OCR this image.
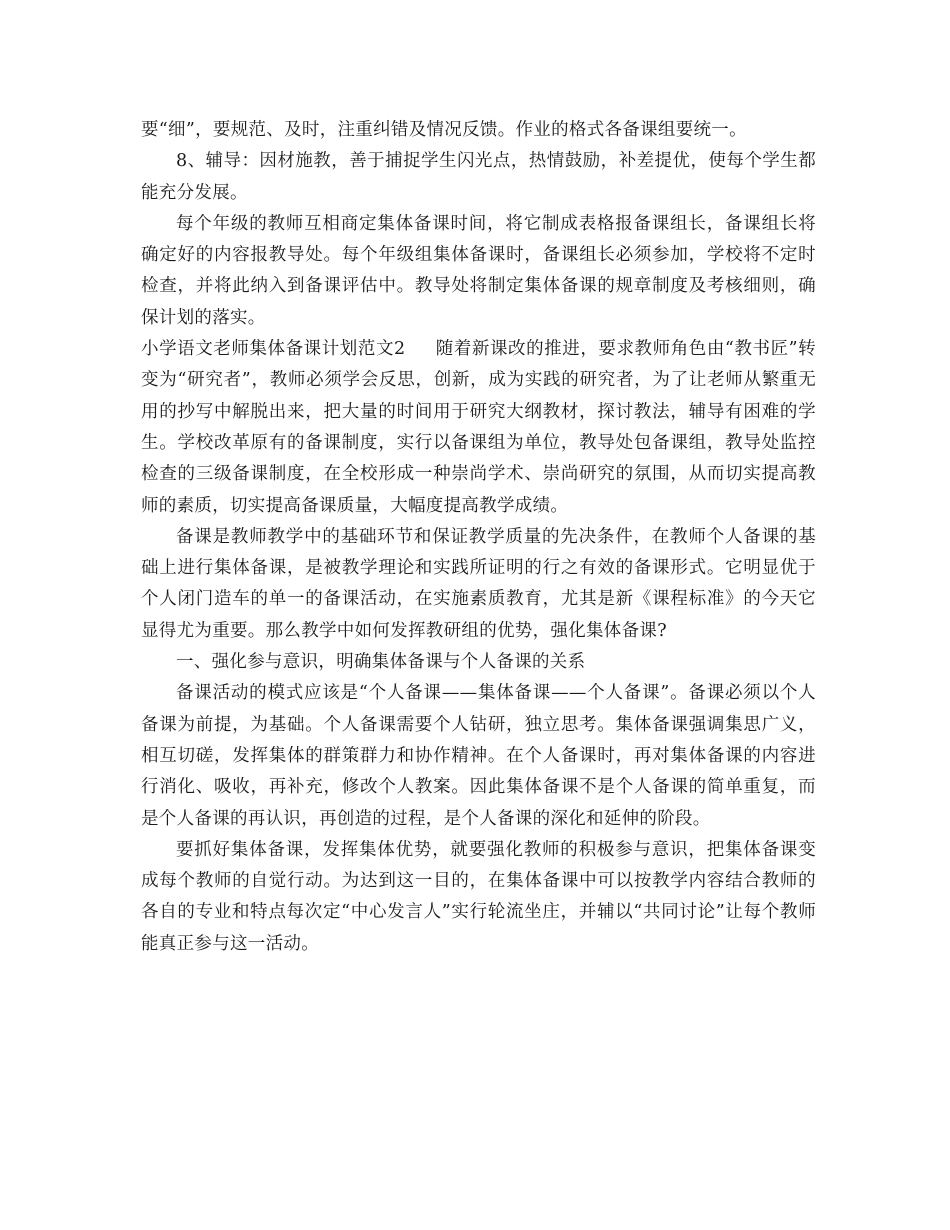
要“细”，要规范、及时，注重纠错及情况反馈。作业的格式各备课组要统一。

8、辅导：因材施教，善于捕捉学生闪光点，热情鼓励，补差提优，使每个学生都能充分发展。

每个年级的教师互相商定集体备课时间，将它制成表格报备课组长，备课组长将确定好的内容报教导处。每个年级组集体备课时，备课组长必须参加，学校将不定时检查，并将此纳入到备课评估中。教导处将制定集体备课的规章制度及考核细则，确保计划的落实。

小学语文老师集体备课计划范文2 随着新课改的推进，要求教师角色由“教书匠”转变为“研究者”，教师必须学会反思，创新，成为实践的研究者，为了让老师从繁重无用的抄写中解脱出来，把大量的时间用于研究大纲教材，探讨教法，辅导有困难的学生。学校改革原有的备课制度，实行以备课组为单位，教导处包备课组，教导处监控检查的三级备课制度，在全校形成一种崇尚学术、崇尚研究的氛围，从而切实提高教师的素质，切实提高备课质量，大幅度提高教学成绩。

备课是教师教学中的基础环节和保证教学质量的先决条件，在教师个人备课的基础上进行集体备课，是被教学理论和实践所证明的行之有效的备课形式。它明显优于个人闭门造车的单一的备课活动，在实施素质教育，尤其是新《课程标准》的今天它显得尤为重要。那么教学中如何发挥教研组的优势，强化集体备课?

一、强化参与意识，明确集体备课与个人备课的关系

备课活动的模式应该是“个人备课——集体备课——个人备课”。备课必须以个人备课为前提，为基础。个人备课需要个人钻研，独立思考。集体备课强调集思广义，相互切磋，发挥集体的群策群力和协作精神。在个人备课时，再对集体备课的内容进行消化、吸收，再补充，修改个人教案。因此集体备课不是个人备课的简单重复，而是个人备课的再认识，再创造的过程，是个人备课的深化和延伸的阶段。

要抓好集体备课，发挥集体优势，就要强化教师的积极参与意识，把集体备课变成每个教师的自觉行动。为达到这一目的，在集体备课中可以按教学内容结合教师的各自的专业和特点每次定“中心发言人”实行轮流坐庄，并辅以“共同讨论”让每个教师能真正参与这一活动。
